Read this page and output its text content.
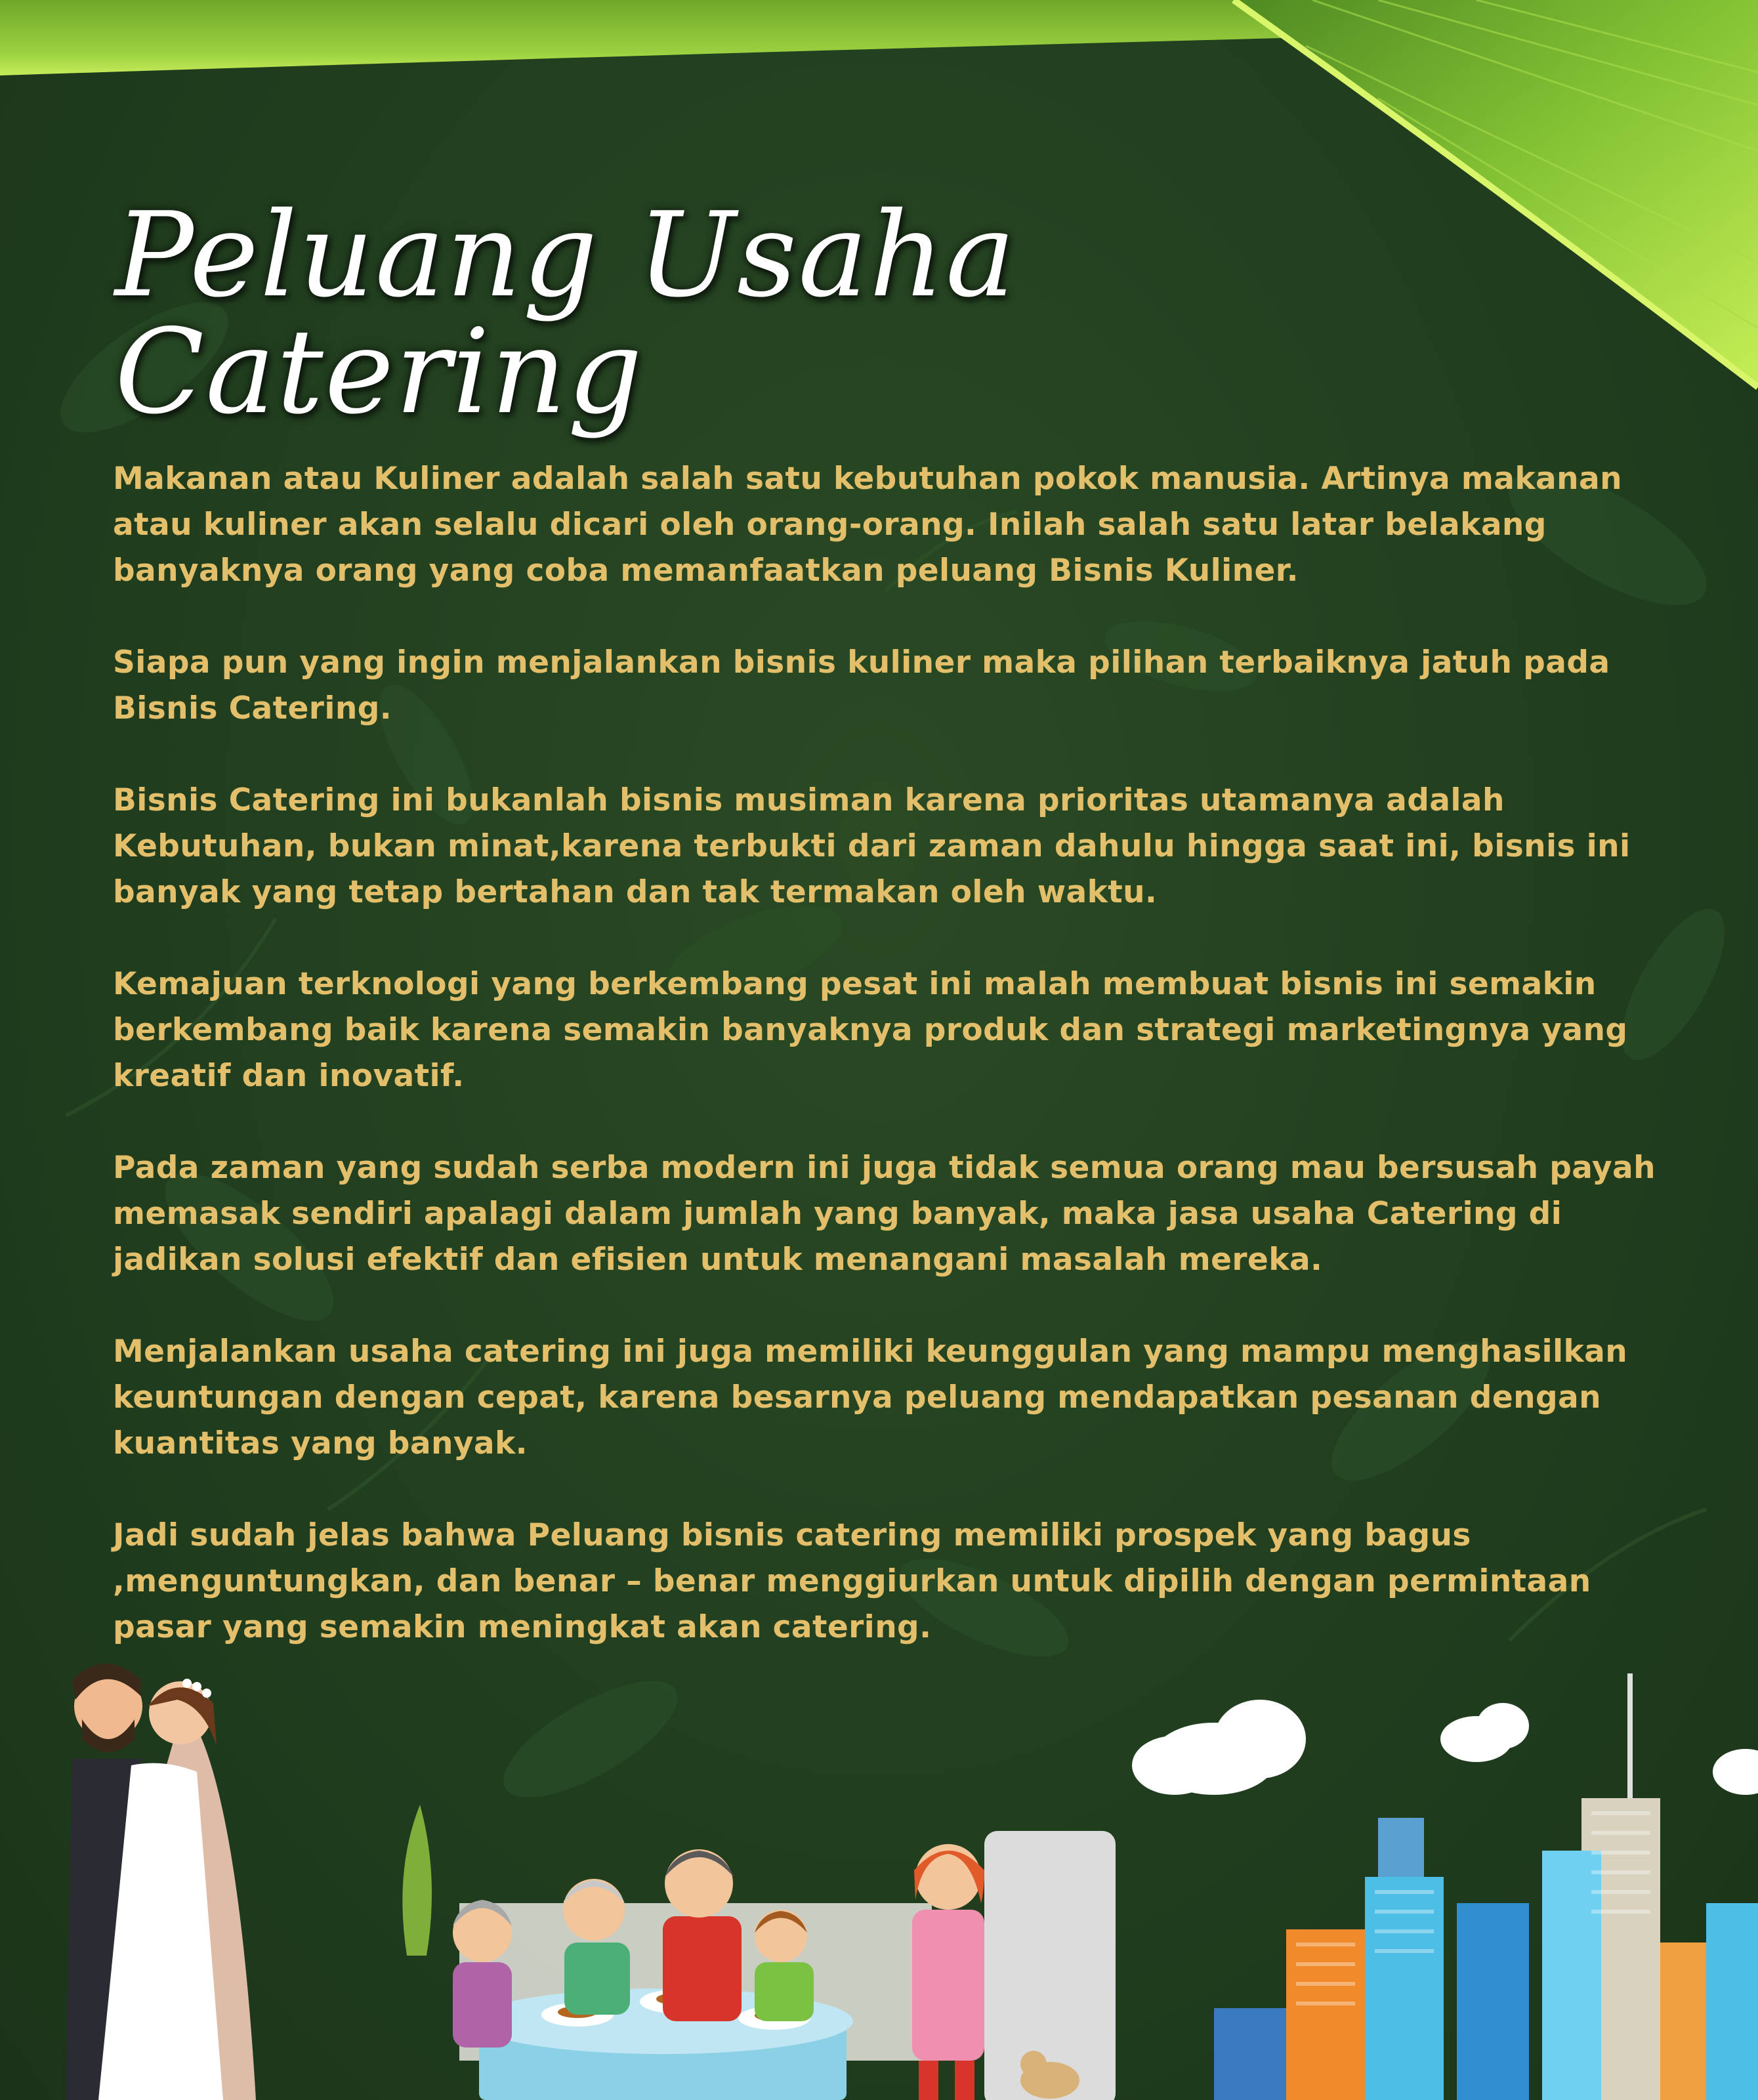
Peluang Usaha Catering

Makanan atau Kuliner adalah salah satu kebutuhan pokok manusia. Artinya makanan atau kuliner akan selalu dicari oleh orang-orang. Inilah salah satu latar belakang banyaknya orang yang coba memanfaatkan peluang Bisnis Kuliner.

Siapa pun yang ingin menjalankan bisnis kuliner maka pilihan terbaiknya jatuh pada Bisnis Catering.

Bisnis Catering ini bukanlah bisnis musiman karena prioritas utamanya adalah Kebutuhan, bukan minat,karena terbukti dari zaman dahulu hingga saat ini, bisnis ini banyak yang tetap bertahan dan tak termakan oleh waktu.

Kemajuan terknologi yang berkembang pesat ini malah membuat bisnis ini semakin berkembang baik karena semakin banyaknya produk dan strategi marketingnya yang kreatif dan inovatif.

Pada zaman yang sudah serba modern ini juga tidak semua orang mau bersusah payah memasak sendiri apalagi dalam jumlah yang banyak, maka jasa usaha Catering di jadikan solusi efektif dan efisien untuk menangani masalah mereka.

Menjalankan usaha catering ini juga memiliki keunggulan yang mampu menghasilkan keuntungan dengan cepat, karena besarnya peluang mendapatkan pesanan dengan kuantitas yang banyak.

Jadi sudah jelas bahwa Peluang bisnis catering memiliki prospek yang bagus ,menguntungkan, dan benar – benar menggiurkan untuk dipilih dengan permintaan pasar yang semakin meningkat akan catering.
